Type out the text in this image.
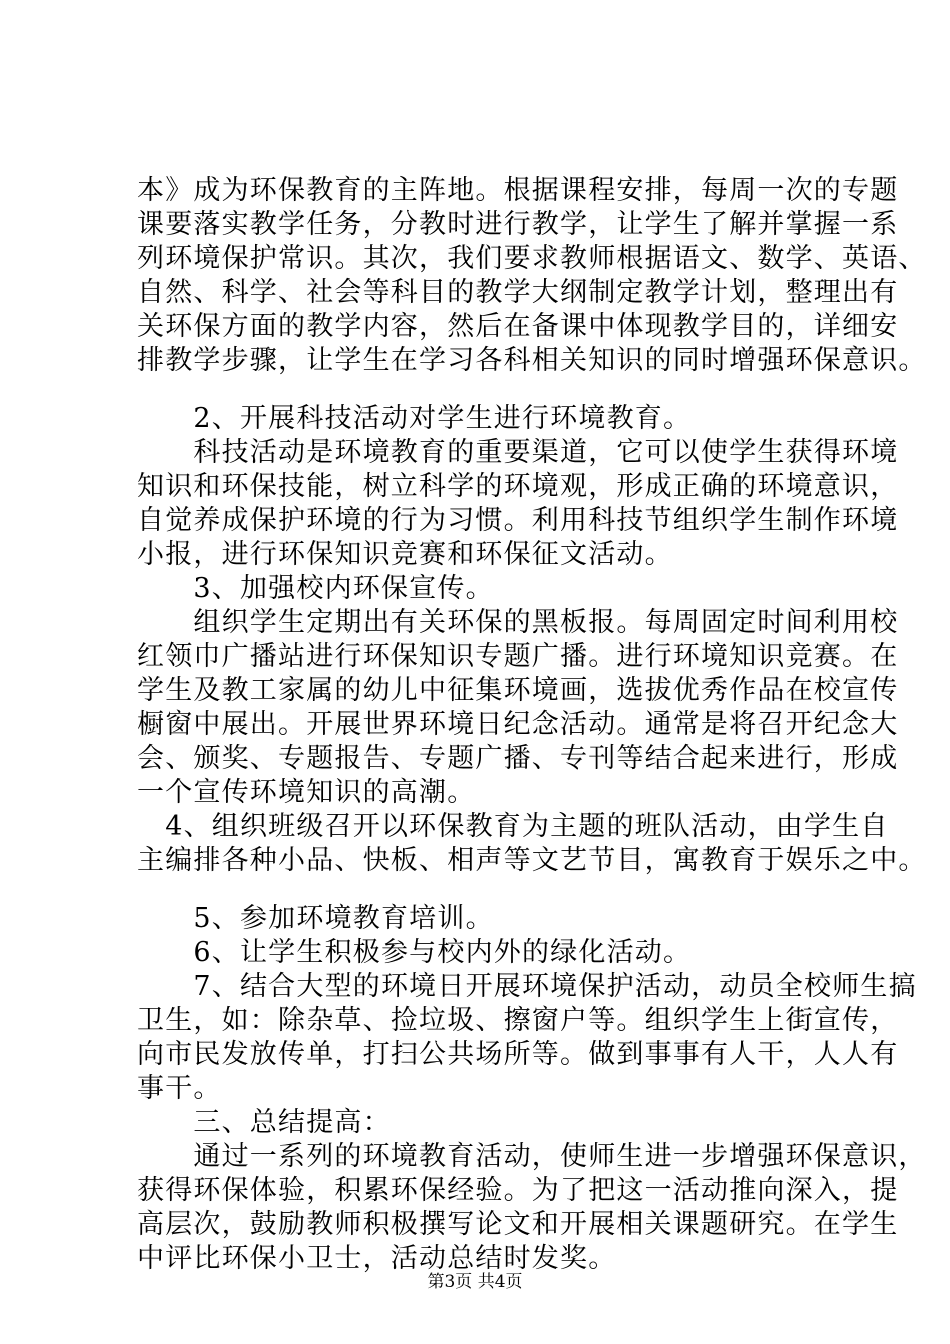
本》成为环保教育的主阵地。根据课程安排，每周一次的专题
课要落实教学任务，分教时进行教学，让学生了解并掌握一系
列环境保护常识。其次，我们要求教师根据语文、数学、英语、
自然、科学、社会等科目的教学大纲制定教学计划，整理出有
关环保方面的教学内容，然后在备课中体现教学目的，详细安
排教学步骤，让学生在学习各科相关知识的同时增强环保意识。
　　2、开展科技活动对学生进行环境教育。
　　科技活动是环境教育的重要渠道，它可以使学生获得环境
知识和环保技能，树立科学的环境观，形成正确的环境意识，
自觉养成保护环境的行为习惯。利用科技节组织学生制作环境
小报，进行环保知识竞赛和环保征文活动。
　　3、加强校内环保宣传。
　　组织学生定期出有关环保的黑板报。每周固定时间利用校
红领巾广播站进行环保知识专题广播。进行环境知识竞赛。在
学生及教工家属的幼儿中征集环境画，选拔优秀作品在校宣传
橱窗中展出。开展世界环境日纪念活动。通常是将召开纪念大
会、颁奖、专题报告、专题广播、专刊等结合起来进行，形成
一个宣传环境知识的高潮。
　4、组织班级召开以环保教育为主题的班队活动，由学生自
主编排各种小品、快板、相声等文艺节目，寓教育于娱乐之中。
　　5、参加环境教育培训。
　　6、让学生积极参与校内外的绿化活动。
　　7、结合大型的环境日开展环境保护活动，动员全校师生搞
卫生，如：除杂草、捡垃圾、擦窗户等。组织学生上街宣传，
向市民发放传单，打扫公共场所等。做到事事有人干，人人有
事干。
　　三、总结提高：
　　通过一系列的环境教育活动，使师生进一步增强环保意识，
获得环保体验，积累环保经验。为了把这一活动推向深入，提
高层次，鼓励教师积极撰写论文和开展相关课题研究。在学生
中评比环保小卫士，活动总结时发奖。
第3页 共4页
